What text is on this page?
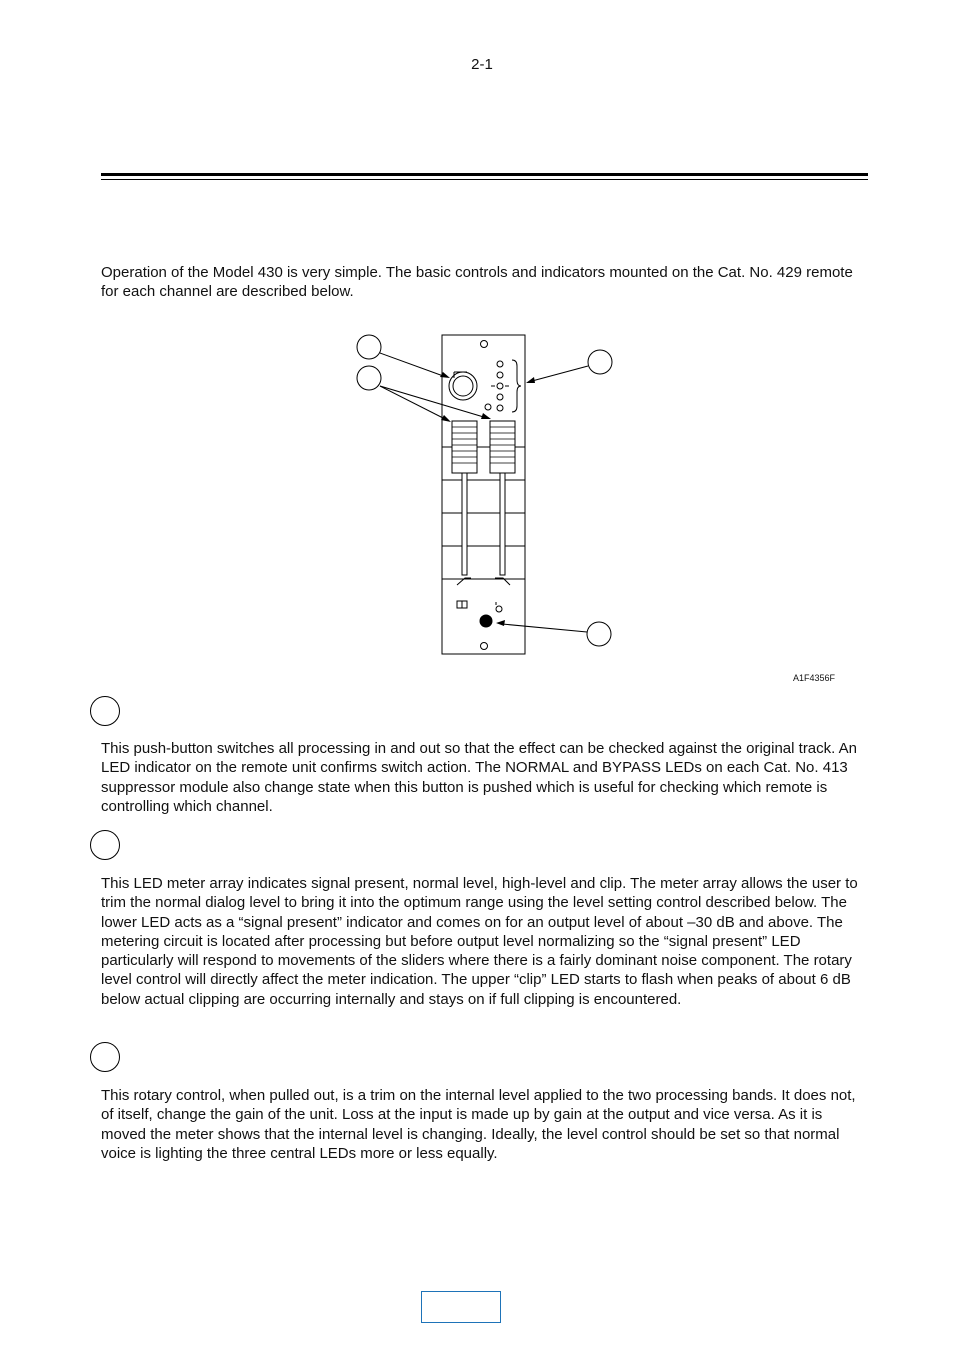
2-1

Operation of the Model 430 is very simple. The basic controls and indicators mounted on the Cat. No. 429 remote for each channel are described below.

A1F4356F

This push-button switches all processing in and out so that the effect can be checked against the original track. An LED indicator on the remote unit confirms switch action. The NORMAL and BYPASS LEDs on each Cat. No. 413 suppressor module also change state when this button is pushed which is useful for checking which remote is controlling which channel.

This LED meter array indicates signal present, normal level, high-level and clip. The meter array allows the user to trim the normal dialog level to bring it into the optimum range using the level setting control described below. The lower LED acts as a “signal present” indicator and comes on for an output level of about –30 dB and above. The metering circuit is located after processing but before output level normalizing so the “signal present” LED particularly will respond to movements of the sliders where there is a fairly dominant noise component. The rotary level control will directly affect the meter indication. The upper “clip” LED starts to flash when peaks of about 6 dB below actual clipping are occurring internally and stays on if full clipping is encountered.

This rotary control, when pulled out, is a trim on the internal level applied to the two processing bands. It does not, of itself, change the gain of the unit. Loss at the input is made up by gain at the output and vice versa. As it is moved the meter shows that the internal level is changing. Ideally, the level control should be set so that normal voice is lighting the three central LEDs more or less equally.
